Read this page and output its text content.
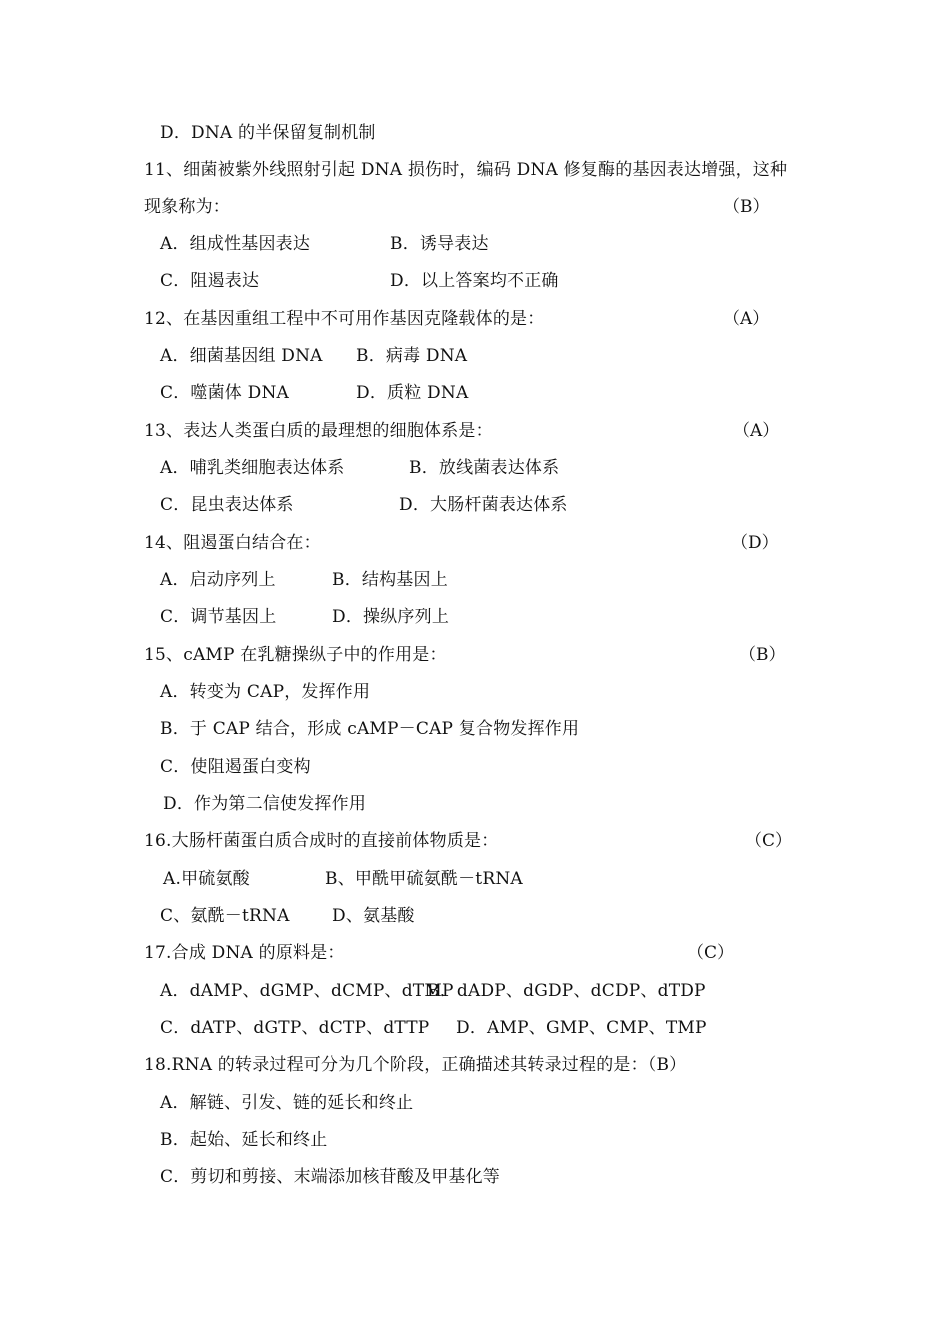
D．DNA 的半保留复制机制
11、细菌被紫外线照射引起 DNA 损伤时，编码 DNA 修复酶的基因表达增强，这种
现象称为：	（B）
A．组成性基因表达	B．诱导表达
C．阻遏表达	D．以上答案均不正确
12、在基因重组工程中不可用作基因克隆载体的是：	（A）
A．细菌基因组 DNA B．病毒 DNA
C．噬菌体 DNA	D．质粒 DNA
13、表达人类蛋白质的最理想的细胞体系是：	（A）
A．哺乳类细胞表达体系	B．放线菌表达体系
C．昆虫表达体系	D．大肠杆菌表达体系
14、阻遏蛋白结合在：	（D）
A．启动序列上	B．结构基因上
C．调节基因上	D．操纵序列上
15、cAMP 在乳糖操纵子中的作用是：	（B）
A．转变为 CAP，发挥作用
B．于 CAP 结合，形成 cAMP－CAP 复合物发挥作用
C．使阻遏蛋白变构
D．作为第二信使发挥作用
16.大肠杆菌蛋白质合成时的直接前体物质是：	（C）
A.甲硫氨酸	B、甲酰甲硫氨酰－tRNA
C、氨酰－tRNA D、氨基酸
17.合成 DNA 的原料是：	（C）
A．dAMP、dGMP、dCMP、dTMP
B．dADP、dGDP、dCDP、dTDP
C．dATP、dGTP、dCTP、dTTP D．AMP、GMP、CMP、TMP
18.RNA 的转录过程可分为几个阶段，正确描述其转录过程的是：（B）
A．解链、引发、链的延长和终止
B．起始、延长和终止
C．剪切和剪接、末端添加核苷酸及甲基化等
